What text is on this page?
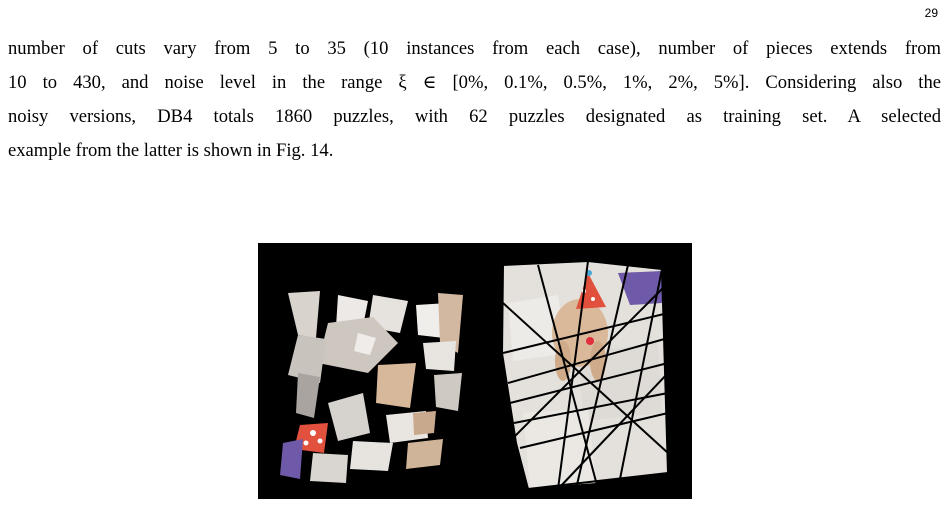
29

number of cuts vary from 5 to 35 (10 instances from each case), number of pieces extends from
10 to 430, and noise level in the range ξ ∈ [0%, 0.1%, 0.5%, 1%, 2%, 5%]. Considering also the
noisy versions, DB4 totals 1860 puzzles, with 62 puzzles designated as training set. A selected
example from the latter is shown in Fig. 14.
